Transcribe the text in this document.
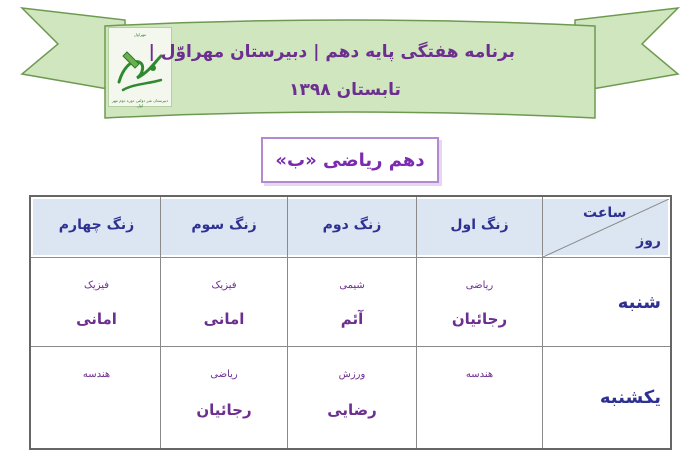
مهراول
دبیرستان غیر دولتی دوره دوم مهر اول
برنامه هفتگی پایه دهم | دبیرستان مهراوّل |
تابستان ۱۳۹۸
دهم ریاضی «ب»
ساعت
روز
زنگ اول
زنگ دوم
زنگ سوم
زنگ چهارم
شنبه
ریاضی
رجائیان
شیمی
آئم
فیزیک
امانی
فیزیک
امانی
یکشنبه
هندسه
ورزش
رضایی
ریاضی
رجائیان
هندسه
